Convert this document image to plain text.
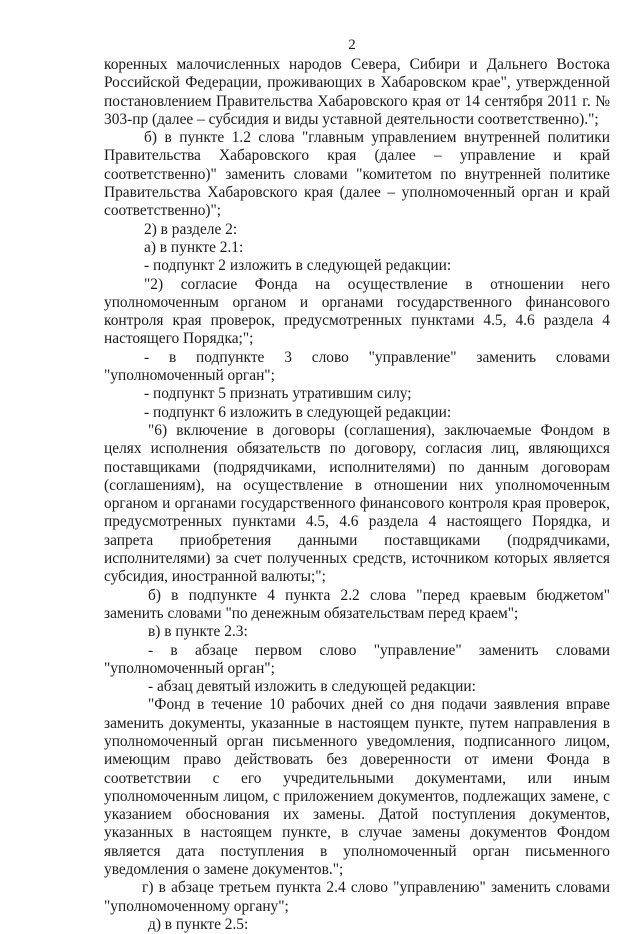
2

коренных малочисленных народов Севера, Сибири и Дальнего Востока Российской Федерации, проживающих в Хабаровском крае", утвержденной постановлением Правительства Хабаровского края от 14 сентября 2011 г. № 303-пр (далее – субсидия и виды уставной деятельности соответственно).";

б) в пункте 1.2 слова "главным управлением внутренней политики Правительства Хабаровского края (далее – управление и край соответственно)" заменить словами "комитетом по внутренней политике Правительства Хабаровского края (далее – уполномоченный орган и край соответственно)";

2) в разделе 2:

а) в пункте 2.1:

- подпункт 2 изложить в следующей редакции:

"2) согласие Фонда на осуществление в отношении него уполномоченным органом и органами государственного финансового контроля края проверок, предусмотренных пунктами 4.5, 4.6 раздела 4 настоящего Порядка;";

- в подпункте 3 слово "управление" заменить словами "уполномоченный орган";

- подпункт 5 признать утратившим силу;

- подпункт 6 изложить в следующей редакции:

"6) включение в договоры (соглашения), заключаемые Фондом в целях исполнения обязательств по договору, согласия лиц, являющихся поставщиками (подрядчиками, исполнителями) по данным договорам (соглашениям), на осуществление в отношении них уполномоченным органом и органами государственного финансового контроля края проверок, предусмотренных пунктами 4.5, 4.6 раздела 4 настоящего Порядка, и запрета приобретения данными поставщиками (подрядчиками, исполнителями) за счет полученных средств, источником которых является субсидия, иностранной валюты;";

б) в подпункте 4 пункта 2.2 слова "перед краевым бюджетом" заменить словами "по денежным обязательствам перед краем";

в) в пункте 2.3:

- в абзаце первом слово "управление" заменить словами "уполномоченный орган";

- абзац девятый изложить в следующей редакции:

"Фонд в течение 10 рабочих дней со дня подачи заявления вправе заменить документы, указанные в настоящем пункте, путем направления в уполномоченный орган письменного уведомления, подписанного лицом, имеющим право действовать без доверенности от имени Фонда в соответствии с его учредительными документами, или иным уполномоченным лицом, с приложением документов, подлежащих замене, с указанием обоснования их замены. Датой поступления документов, указанных в настоящем пункте, в случае замены документов Фондом является дата поступления в уполномоченный орган письменного уведомления о замене документов.";

г) в абзаце третьем пункта 2.4 слово "управлению" заменить словами "уполномоченному органу";

д) в пункте 2.5:
